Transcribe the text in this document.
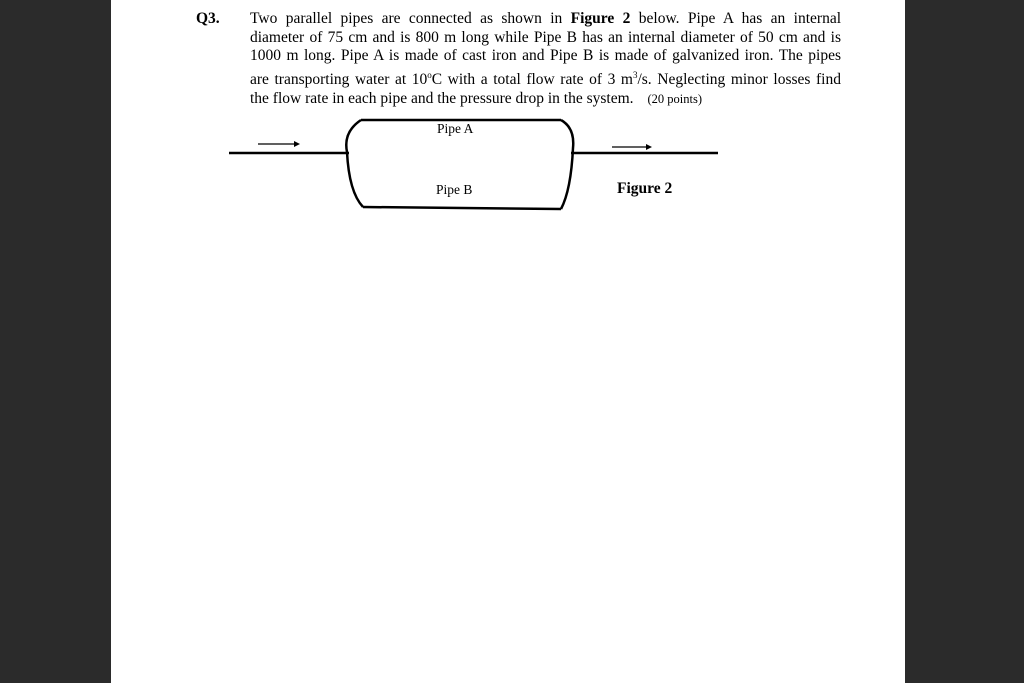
Q3. Two parallel pipes are connected as shown in Figure 2 below. Pipe A has an internal
diameter of 75 cm and is 800 m long while Pipe B has an internal diameter of 50 cm and is
1000 m long. Pipe A is made of cast iron and Pipe B is made of galvanized iron. The pipes
are transporting water at 10$^o$C with a total flow rate of 3 $m^3/s$. Neglecting minor losses find
the flow rate in each pipe and the pressure drop in the system. (20 points)
Pipe A
Pipe B	Figure 2
